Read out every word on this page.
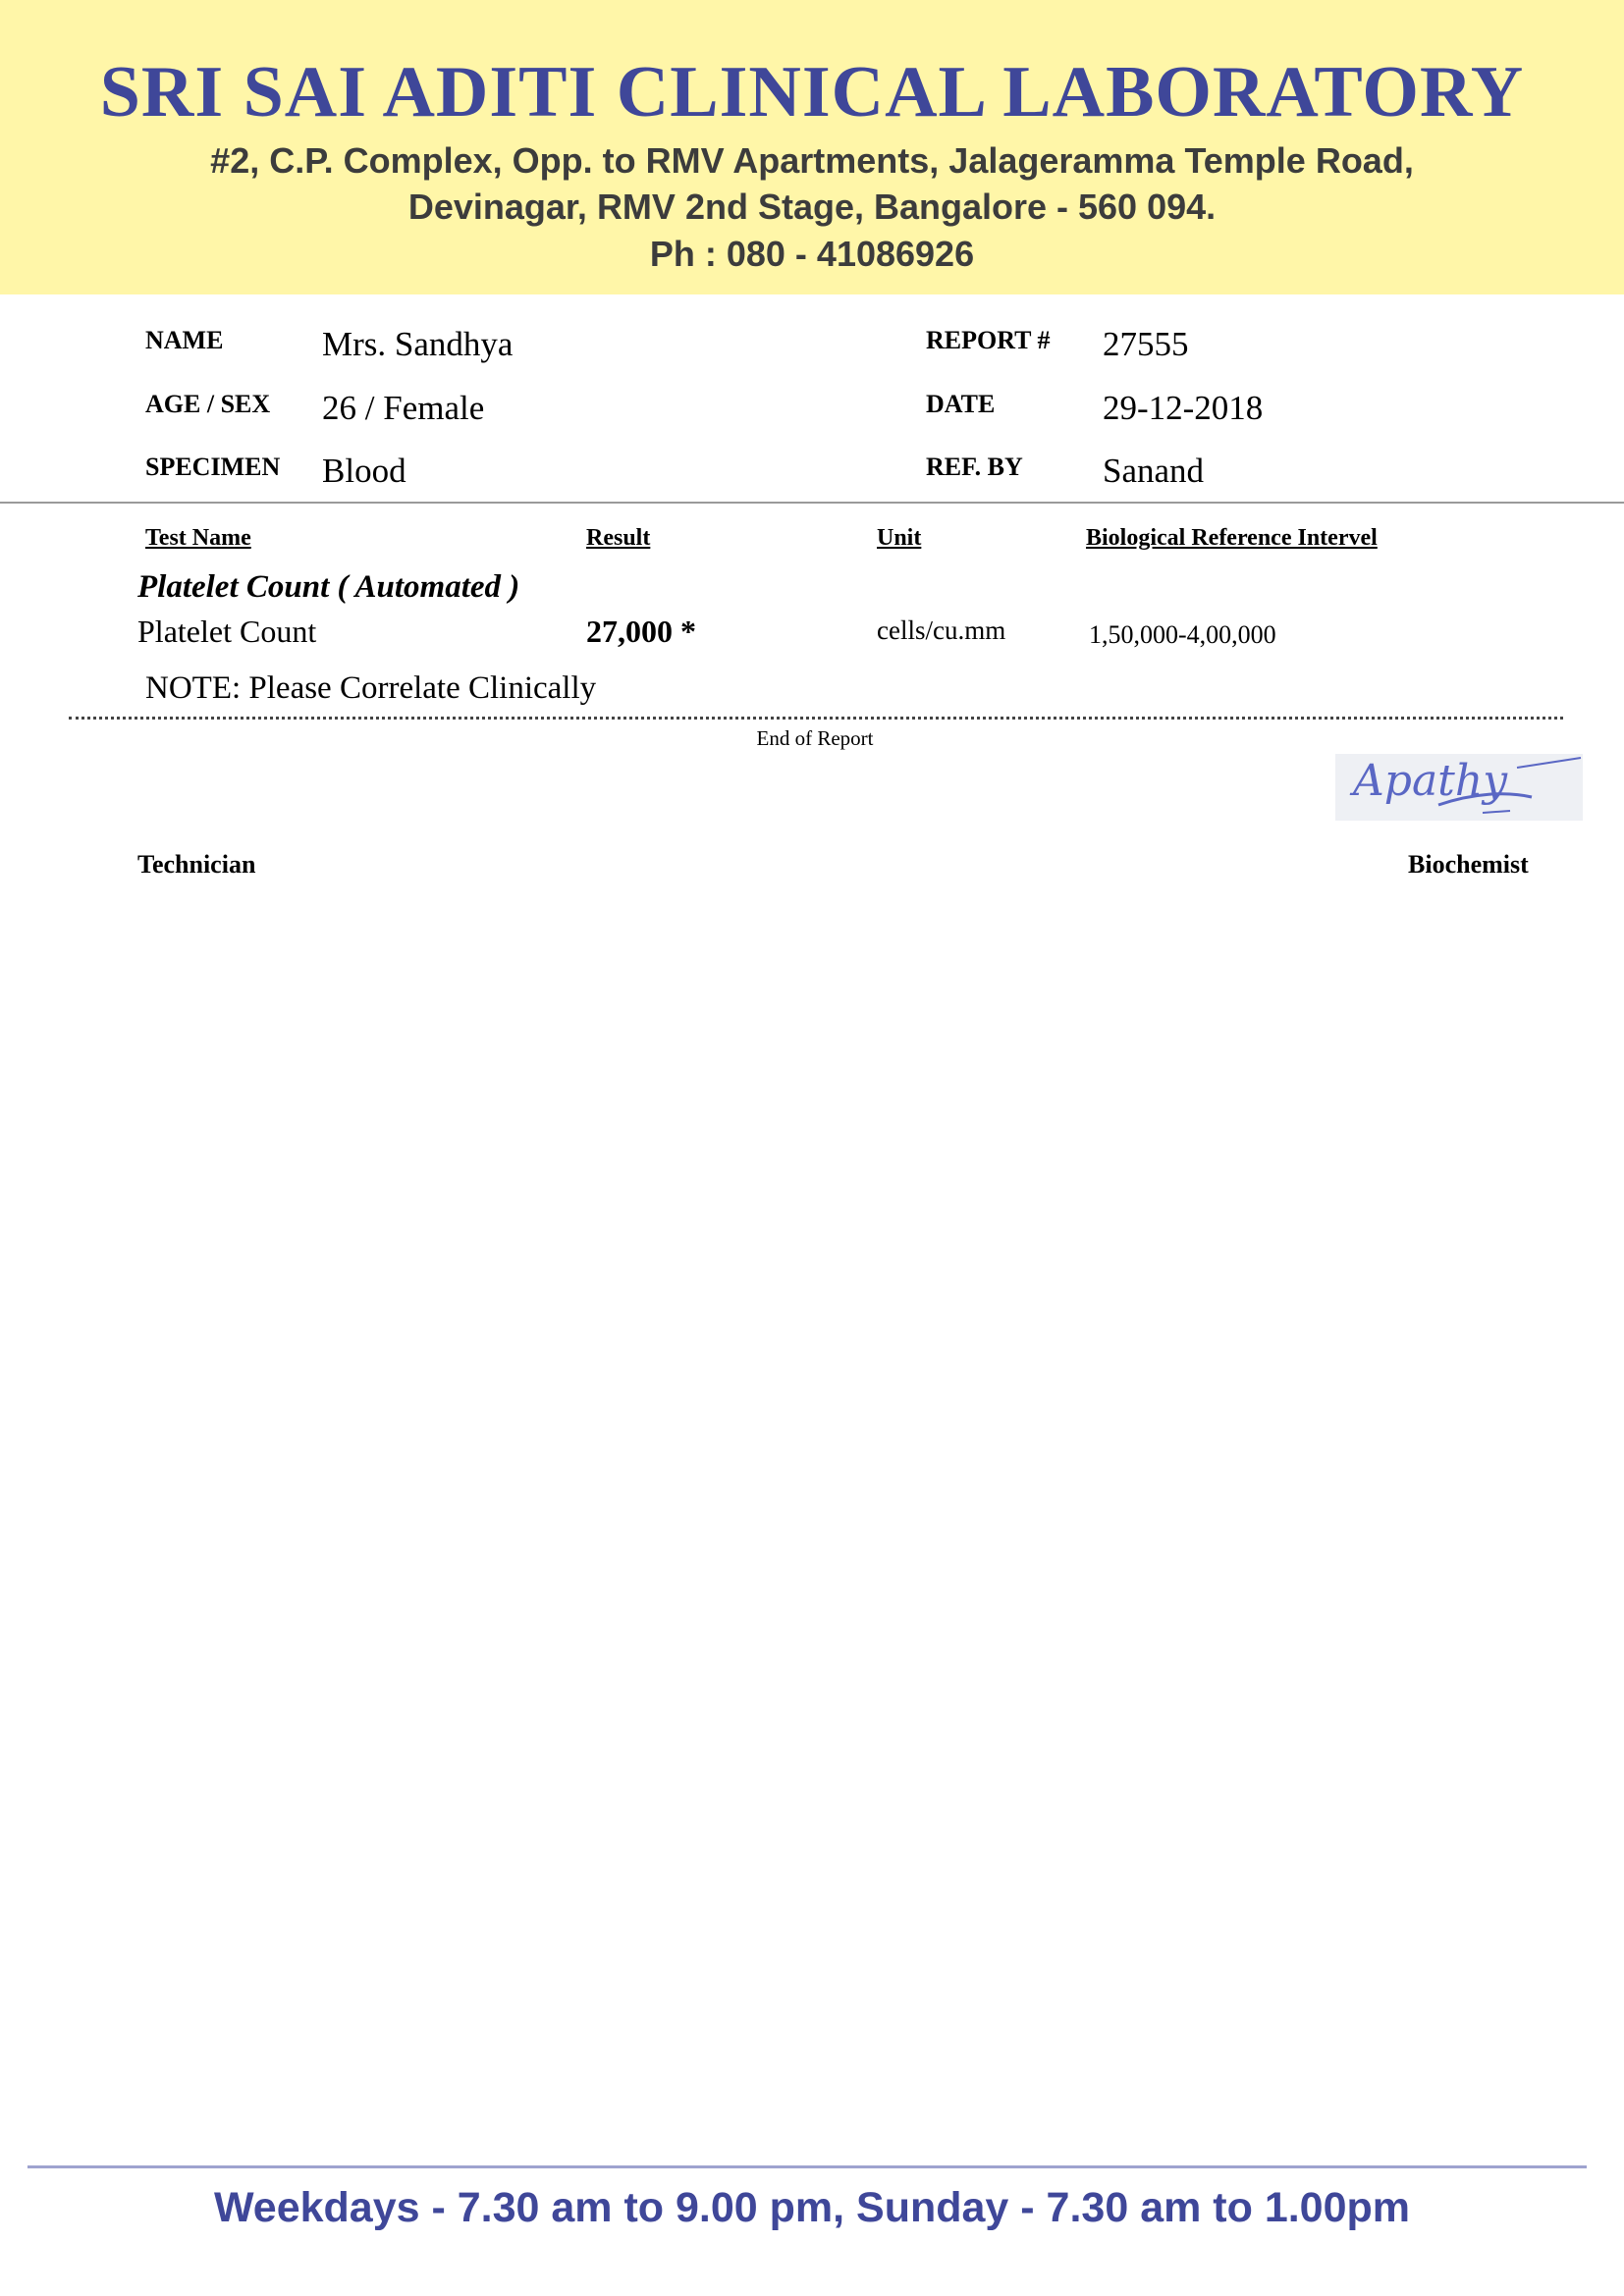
SRI SAI ADITI CLINICAL LABORATORY
#2, C.P. Complex, Opp. to RMV Apartments, Jalageramma Temple Road,
Devinagar, RMV 2nd Stage, Bangalore - 560 094.
Ph : 080 - 41086926
NAME	Mrs. Sandhya
AGE / SEX 26 / Female
SPECIMEN Blood
REPORT # 27555
DATE	29-12-2018
REF. BY Sanand
Test Name	Result	Unit	Biological Reference Intervel
Platelet Count ( Automated )
Platelet Count	27,000 *	cells/cu.mm	1,50,000-4,00,000
NOTE: Please Correlate Clinically
End of Report
Apathy
Technician	Biochemist
Weekdays - 7.30 am to 9.00 pm, Sunday - 7.30 am to 1.00pm
